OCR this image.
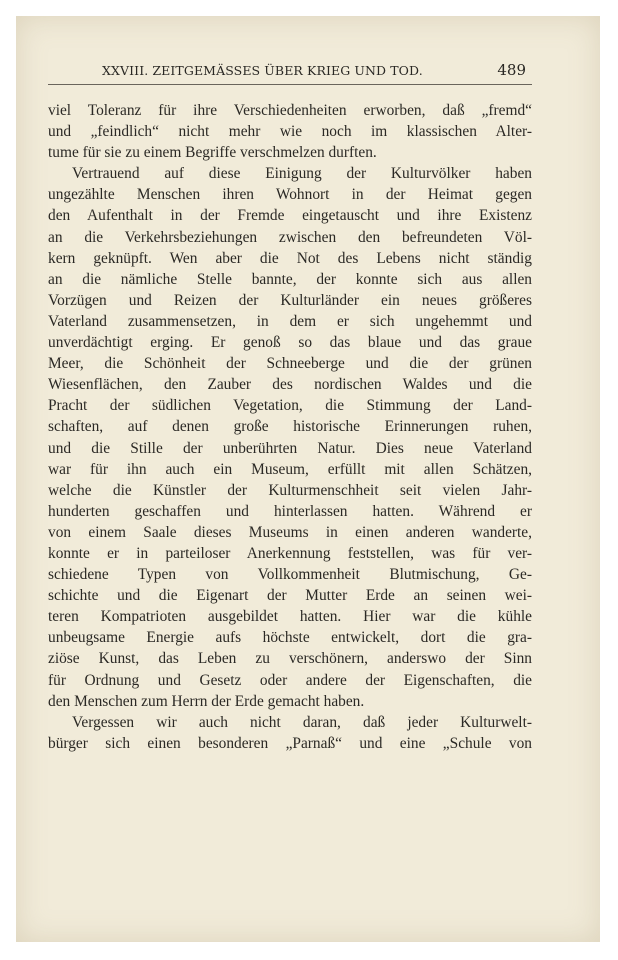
XXVIII. ZEITGEMÄSSES ÜBER KRIEG UND TOD.	489
viel Toleranz für ihre Verschiedenheiten erworben, daß „fremd“
und „feindlich“ nicht mehr wie noch im klassischen Alter-
tume für sie zu einem Begriffe verschmelzen durften.
Vertrauend auf diese Einigung der Kulturvölker haben
ungezählte Menschen ihren Wohnort in der Heimat gegen
den Aufenthalt in der Fremde eingetauscht und ihre Existenz
an die Verkehrsbeziehungen zwischen den befreundeten Völ-
kern geknüpft. Wen aber die Not des Lebens nicht ständig
an die nämliche Stelle bannte, der konnte sich aus allen
Vorzügen und Reizen der Kulturländer ein neues größeres
Vaterland zusammensetzen, in dem er sich ungehemmt und
unverdächtigt erging. Er genoß so das blaue und das graue
Meer, die Schönheit der Schneeberge und die der grünen
Wiesenflächen, den Zauber des nordischen Waldes und die
Pracht der südlichen Vegetation, die Stimmung der Land-
schaften, auf denen große historische Erinnerungen ruhen,
und die Stille der unberührten Natur. Dies neue Vaterland
war für ihn auch ein Museum, erfüllt mit allen Schätzen,
welche die Künstler der Kulturmenschheit seit vielen Jahr-
hunderten geschaffen und hinterlassen hatten. Während er
von einem Saale dieses Museums in einen anderen wanderte,
konnte er in parteiloser Anerkennung feststellen, was für ver-
schiedene Typen von Vollkommenheit Blutmischung, Ge-
schichte und die Eigenart der Mutter Erde an seinen wei-
teren Kompatrioten ausgebildet hatten. Hier war die kühle
unbeugsame Energie aufs höchste entwickelt, dort die gra-
ziöse Kunst, das Leben zu verschönern, anderswo der Sinn
für Ordnung und Gesetz oder andere der Eigenschaften, die
den Menschen zum Herrn der Erde gemacht haben.
Vergessen wir auch nicht daran, daß jeder Kulturwelt-
bürger sich einen besonderen „Parnaß“ und eine „Schule von
